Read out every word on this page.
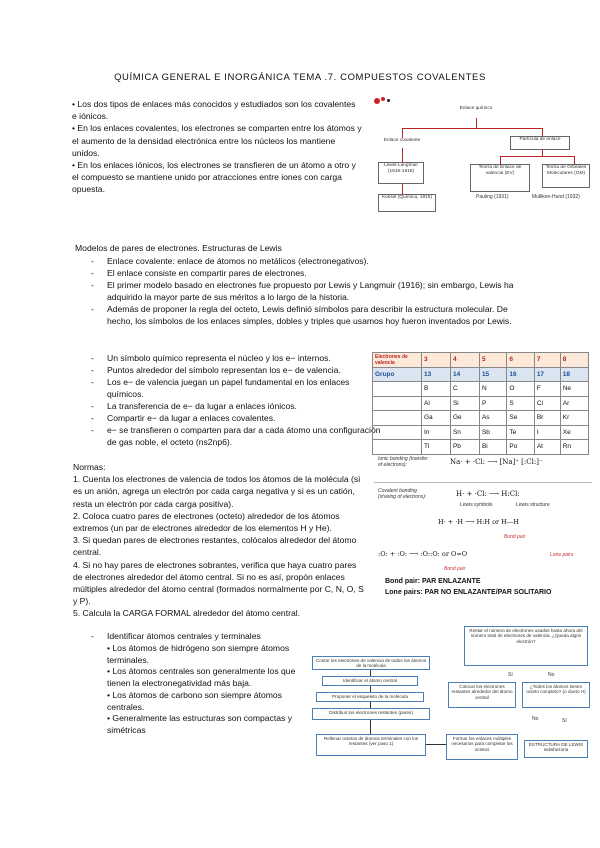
QUÍMICA GENERAL E INORGÁNICA TEMA .7. COMPUESTOS COVALENTES
• Los dos tipos de enlaces más conocidos y estudiados son los covalentes e iónicos.
• En los enlaces covalentes, los electrones se comparten entre los átomos y el aumento de la densidad electrónica entre los núcleos los mantiene unidos.
• En los enlaces iónicos, los electrones se transfieren de un átomo a otro y el compuesto se mantiene unido por atracciones entre iones con carga opuesta.
Enlace químico
Enlace covalente	Partícula de enlace
Lewis-Langmuir (1916-1919)
Teoría de Enlace de valencia (EV)
Teoría de Orbitales Moleculares (OM)
Kossel (Química, 1916)	Pauling (1931)	Mulliken-Hund (1932)
Modelos de pares de electrones. Estructuras de Lewis
- Enlace covalente: enlace de átomos no metálicos (electronegativos).
- El enlace consiste en compartir pares de electrones.
- El primer modelo basado en electrones fue propuesto por Lewis y Langmuir (1916); sin embargo, Lewis ha adquirido la mayor parte de sus méritos a lo largo de la historia.
- Además de proponer la regla del octeto, Lewis definió símbolos para describir la estructura molecular. De hecho, los símbolos de los enlaces simples, dobles y triples que usamos hoy fueron inventados por Lewis.
- Un símbolo químico representa el núcleo y los e− internos.
- Puntos alrededor del símbolo representan los e− de valencia.
- Los e− de valencia juegan un papel fundamental en los enlaces químicos.
- La transferencia de e− da lugar a enlaces iónicos.
- Compartir e− da lugar a enlaces covalentes.
- e− se transfieren o comparten para dar a cada átomo una configuración de gas noble, el octeto (ns2np6).
Electrones de valencia	3	4	5	6	7	8
Grupo	13	14	15	16	17	18
	B	C	N	O	F	Ne
	Al	Si	P	S	Cl	Ar
	Ga	Ge	As	Se	Br	Kr
	In	Sn	Sb	Te	I	Xe
	Tl	Pb	Bi	Po	At	Rn
Normas:
1. Cuenta los electrones de valencia de todos los átomos de la molécula (si es un anión, agrega un electrón por cada carga negativa y si es un catión, resta un electrón por cada carga positiva).
2. Coloca cuatro pares de electrones (octeto) alrededor de los átomos extremos (un par de electrones alrededor de los elementos H y He).
3. Si quedan pares de electrones restantes, colócalos alrededor del átomo central.
4. Si no hay pares de electrones sobrantes, verifica que haya cuatro pares de electrones alrededor del átomo central. Si no es así, propón enlaces múltiples alrededor del átomo central (formados normalmente por C, N, O, S y P).
5. Calcula la CARGA FORMAL alrededor del átomo central.
- Identificar átomos centrales y terminales
• Los átomos de hidrógeno son siempre átomos terminales.
• Los átomos centrales son generalmente los que tienen la electronegatividad más baja.
• Los átomos de carbono son siempre átomos centrales.
• Generalmente las estructuras son compactas y simétricas
Ionic bonding (transfer of electrons):	Na· + ·Cl: ⟶ [Na]⁺ [:Cl:]⁻
Covalent bonding (sharing of electrons):	H· + ·Cl: ⟶ H:Cl:
Lewis symbols	Lewis structure
H· + ·H ⟶ H:H or H—H
Bond pair
:O: + :O: ⟶ :O::O: or O=O	Lone pairs
Bond pair
Bond pair: PAR ENLAZANTE
Lone pairs: PAR NO ENLAZANTE/PAR SOLITARIO
Contar los electrones de valencia de todos los átomos de la molécula
Identificar el átomo central
Proponer el esqueleto de la molécula
Distribuir los electrones restantes (pares)
Rellenar octetos de átomos terminales con los restantes (ver paso 1)
Restar el número de electrones usados hasta ahora del número total de electrones de valencia. ¿Queda algún electrón?
Sí	No
Colocar los electrones restantes alrededor del átomo central
¿Todos los átomos tienen octeto completo? (o dueto H)
No	Sí
Formar los enlaces múltiples necesarios para completar los octetos
ESTRUCTURA DE LEWIS satisfactoria
